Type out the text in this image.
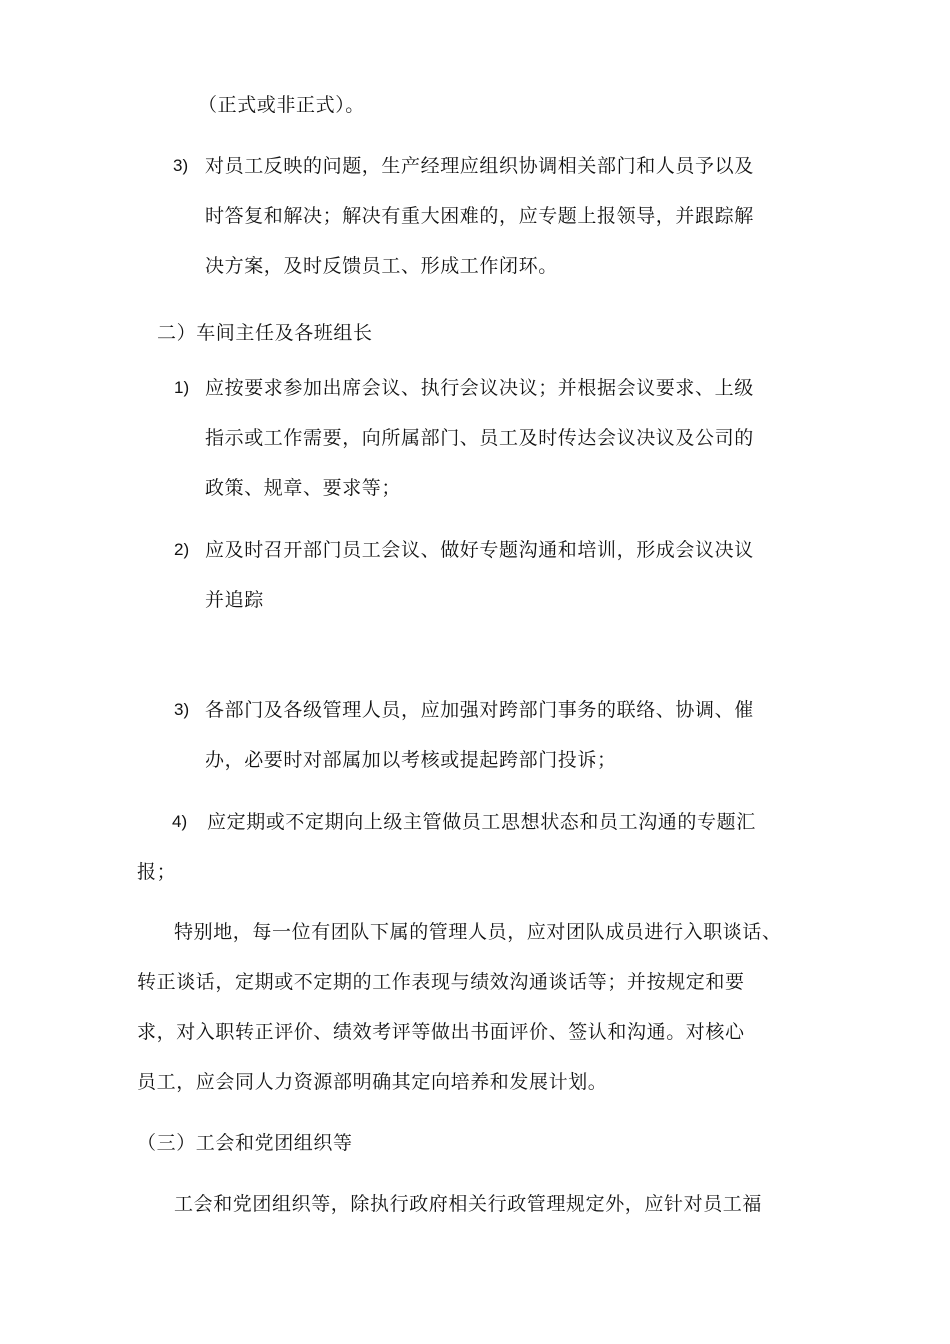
（正式或非正式）。
3) 对员工反映的问题，生产经理应组织协调相关部门和人员予以及
时答复和解决；解决有重大困难的，应专题上报领导，并跟踪解
决方案，及时反馈员工、形成工作闭环。
二）车间主任及各班组长
1) 应按要求参加出席会议、执行会议决议；并根据会议要求、上级
指示或工作需要，向所属部门、员工及时传达会议决议及公司的
政策、规章、要求等；
2) 应及时召开部门员工会议、做好专题沟通和培训，形成会议决议
并追踪
3) 各部门及各级管理人员，应加强对跨部门事务的联络、协调、催
办，必要时对部属加以考核或提起跨部门投诉；
4) 应定期或不定期向上级主管做员工思想状态和员工沟通的专题汇
报；
特别地，每一位有团队下属的管理人员，应对团队成员进行入职谈话、
转正谈话，定期或不定期的工作表现与绩效沟通谈话等；并按规定和要
求，对入职转正评价、绩效考评等做出书面评价、签认和沟通。对核心
员工，应会同人力资源部明确其定向培养和发展计划。
（三）工会和党团组织等
工会和党团组织等，除执行政府相关行政管理规定外，应针对员工福
